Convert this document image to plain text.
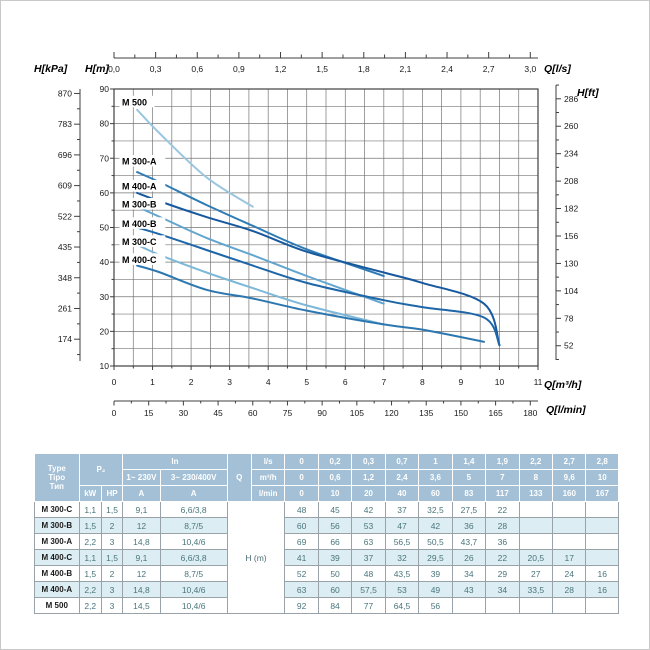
10
20
30
40
50
60
70
80
90
870
783
696
609
522
435
348
261
174
0,0	0,3	0,6	0,9	1,2	1,5	1,8	2,1	2,4	2,7	3,0
286
260
234
208
182
156
130
104
78
52
0	1	2	3	4	5	6	7	8	9	10	11
0	15	30	45	60	75	90	105 120 135 150 165 180
H[kPa] H[m]	Q[l/s]
H[ft]
Q[m³/h]
Q[l/min]
M 500
M 300-A
M 400-A
M 300-B
M 400-B
M 300-C
M 400-C
Type
Tipo
Тип	P₂		In		Q	l/s	0	0,2	0,3	0,7	1	1,4	1,9	2,2	2,7	2,8
			1~ 230V	3~ 230/400V		m³/h	0	0,6	1,2	2,4	3,6	5	7	8	9,6	10
	kW	HP	A	A		l/min	0	10	20	40	60	83	117	133	160	167
M 300-C	1,1	1,5	9,1	6,6/3,8	H (m)		48	45	42	37	32,5	27,5	22			
M 300-B	1,5	2	12	8,7/5			60	56	53	47	42	36	28			
M 300-A	2,2	3	14,8	10,4/6			69	66	63	56,5	50,5	43,7	36			
M 400-C	1,1	1,5	9,1	6,6/3,8			41	39	37	32	29,5	26	22	20,5	17	
M 400-B	1,5	2	12	8,7/5			52	50	48	43,5	39	34	29	27	24	16
M 400-A	2,2	3	14,8	10,4/6			63	60	57,5	53	49	43	34	33,5	28	16
M 500	2,2	3	14,5	10,4/6			92	84	77	64,5	56					
